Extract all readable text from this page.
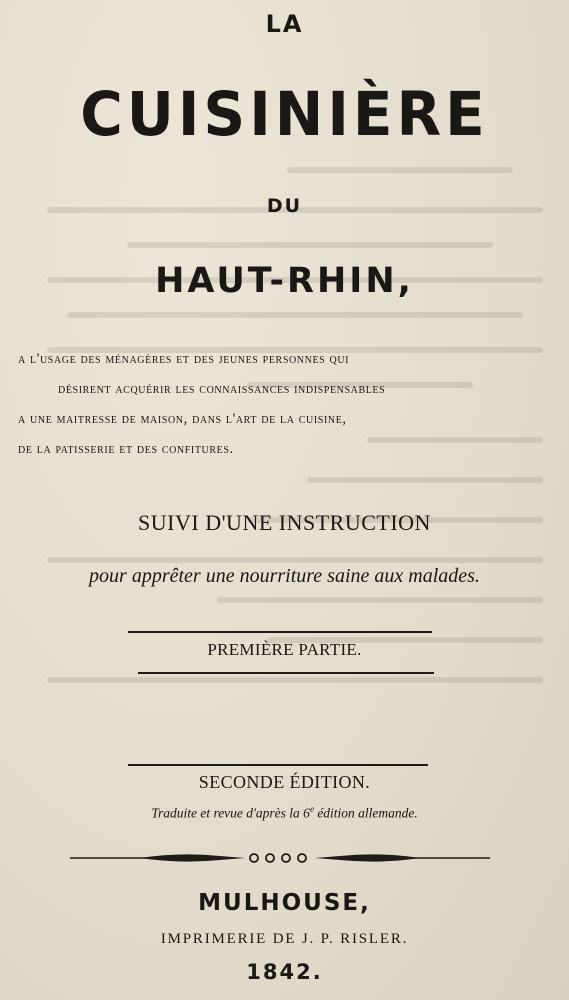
LA
CUISINIÈRE
DU
HAUT-RHIN,
a l'usage des ménagères et des jeunes personnes qui
désirent acquérir les connaissances indispensables
a une maitresse de maison, dans l'art de la cuisine,
de la patisserie et des confitures.
SUIVI D'UNE INSTRUCTION
pour apprêter une nourriture saine aux malades.
PREMIÈRE PARTIE.
SECONDE ÉDITION.
Traduite et revue d'après la 6e édition allemande.
MULHOUSE,
IMPRIMERIE DE J. P. RISLER.
1842.
